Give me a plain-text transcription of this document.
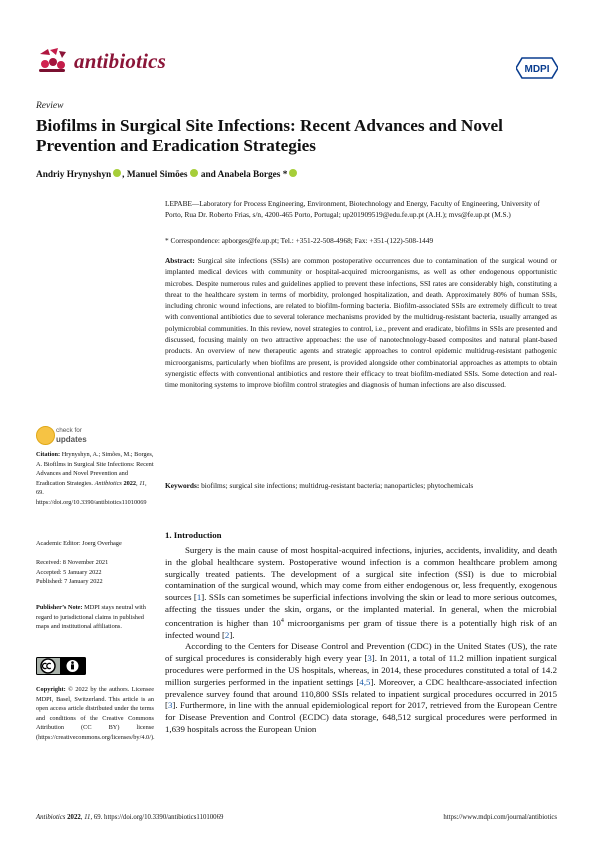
antibiotics	MDPI
Review
Biofilms in Surgical Site Infections: Recent Advances and Novel Prevention and Eradication Strategies
Andriy Hrynyshyn , Manuel Simões and Anabela Borges *
LEPABE—Laboratory for Process Engineering, Environment, Biotechnology and Energy, Faculty of Engineering, University of Porto, Rua Dr. Roberto Frias, s/n, 4200-465 Porto, Portugal; up201909519@edu.fe.up.pt (A.H.); mvs@fe.up.pt (M.S.)
* Correspondence: apborges@fe.up.pt; Tel.: +351-22-508-4968; Fax: +351-(122)-508-1449
Abstract: Surgical site infections (SSIs) are common postoperative occurrences due to contamination of the surgical wound or implanted medical devices with community or hospital-acquired microorganisms, as well as other endogenous opportunistic microbes. Despite numerous rules and guidelines applied to prevent these infections, SSI rates are considerably high, constituting a threat to the healthcare system in terms of morbidity, prolonged hospitalization, and death. Approximately 80% of human SSIs, including chronic wound infections, are related to biofilm-forming bacteria. Biofilm-associated SSIs are extremely difficult to treat with conventional antibiotics due to several tolerance mechanisms provided by the multidrug-resistant bacteria, usually arranged as polymicrobial communities. In this review, novel strategies to control, i.e., prevent and eradicate, biofilms in SSIs are presented and discussed, focusing mainly on two attractive approaches: the use of nanotechnology-based composites and natural plant-based products. An overview of new therapeutic agents and strategic approaches to control epidemic multidrug-resistant pathogenic microorganisms, particularly when biofilms are present, is provided alongside other combinatorial approaches as attempts to obtain synergistic effects with conventional antibiotics and restore their efficacy to treat biofilm-mediated SSIs. Some detection and real-time monitoring systems to improve biofilm control strategies and diagnosis of human infections are also discussed.
Keywords: biofilms; surgical site infections; multidrug-resistant bacteria; nanoparticles; phytochemicals
check for
updates
Citation: Hrynyshyn, A.; Simões, M.; Borges, A. Biofilms in Surgical Site Infections: Recent Advances and Novel Prevention and Eradication Strategies. Antibiotics 2022, 11, 69. https://doi.org/10.3390/antibiotics11010069
Academic Editor: Joerg Overhage
Received: 8 November 2021
Accepted: 5 January 2022
Published: 7 January 2022
Publisher’s Note: MDPI stays neutral with regard to jurisdictional claims in published maps and institutional affiliations.
Copyright: © 2022 by the authors. Licensee MDPI, Basel, Switzerland. This article is an open access article distributed under the terms and conditions of the Creative Commons Attribution (CC BY) license (https://creativecommons.org/licenses/by/4.0/).
1. Introduction

Surgery is the main cause of most hospital-acquired infections, injuries, accidents, invalidity, and death in the global healthcare system. Postoperative wound infection is a common healthcare problem among surgically treated patients. The development of a surgical site infection (SSI) is due to microbial contamination of the surgical wound, which may come from either endogenous or, less frequently, exogenous sources [1]. SSIs can sometimes be superficial infections involving the skin or lead to more serious outcomes, affecting the tissues under the skin, organs, or the implanted material. In general, when the microbial concentration is higher than $10^4$ microorganisms per gram of tissue there is a potentially high risk of an infected wound [2].

According to the Centers for Disease Control and Prevention (CDC) in the United States (US), the rate of surgical procedures is considerably high every year [3]. In 2011, a total of 11.2 million inpatient surgical procedures were performed in the US hospitals, whereas, in 2014, these procedures constituted a total of 14.2 million surgeries performed in the inpatient settings [4,5]. Moreover, a CDC healthcare-associated infection prevalence survey found that around 110,800 SSIs related to inpatient surgical procedures occurred in 2015 [3]. Furthermore, in line with the annual epidemiological report for 2017, retrieved from the European Centre for Disease Prevention and Control (ECDC) data storage, 648,512 surgical procedures were performed in 1,639 hospitals across the European Union

Antibiotics 2022, 11, 69. https://doi.org/10.3390/antibiotics11010069	https://www.mdpi.com/journal/antibiotics
